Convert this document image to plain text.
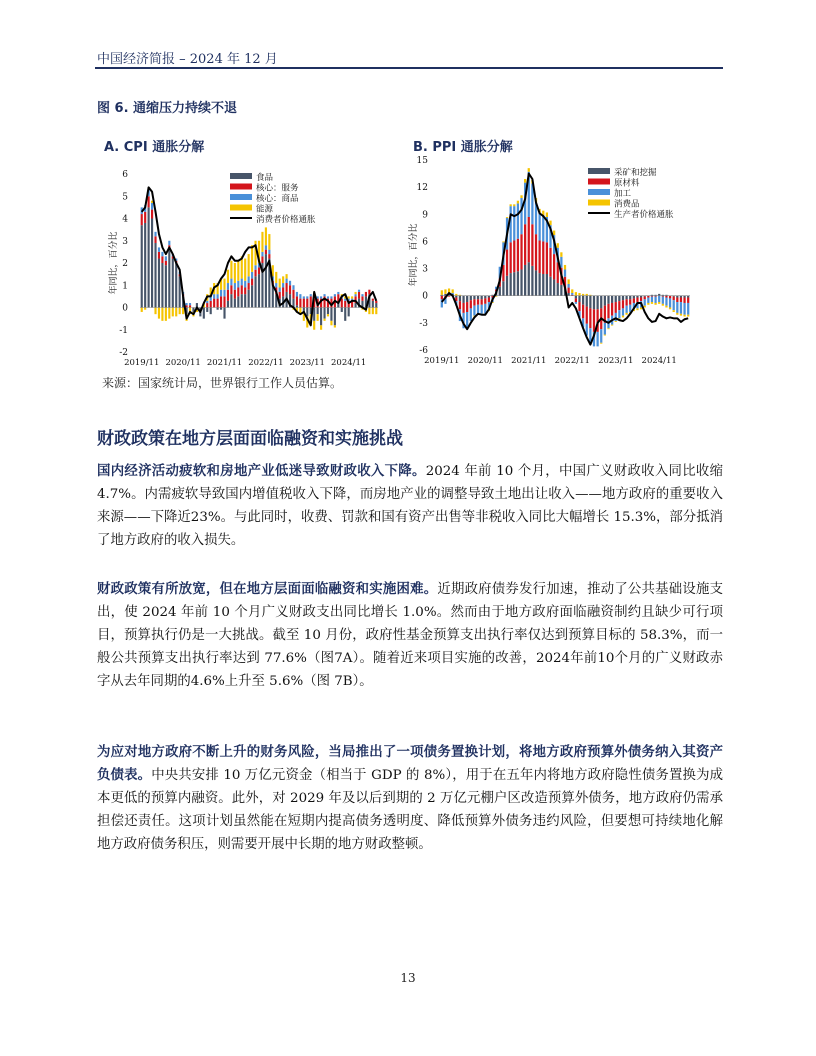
中国经济简报 – 2024 年 12 月
图 6. 通缩压力持续不退
A. CPI 通胀分解	B. PPI 通胀分解
-2
-1
0
1
2
3
4
5
6
年同比，百分比
2019/11 2020/11 2021/11 2022/11 2023/11 2024/11
食品
核心：服务
核心：商品
能源
消费者价格通胀
-6
-3
0
3
6
9
12
15
年同比，百分比
2019/11 2020/11 2021/11 2022/11 2023/11 2024/11
采矿和挖掘
原材料
加工
消费品
生产者价格通胀
来源：国家统计局，世界银行工作人员估算。
财政政策在地方层面面临融资和实施挑战

国内经济活动疲软和房地产业低迷导致财政收入下降。2024 年前 10 个月，中国广义财政收入同比收缩 4.7%。内需疲软导致国内增值税收入下降，而房地产业的调整导致土地出让收入——地方政府的重要收入来源——下降近23%。与此同时，收费、罚款和国有资产出售等非税收入同比大幅增长 15.3%，部分抵消了地方政府的收入损失。

财政政策有所放宽，但在地方层面面临融资和实施困难。近期政府债券发行加速，推动了公共基础设施支出，使 2024 年前 10 个月广义财政支出同比增长 1.0%。然而由于地方政府面临融资制约且缺少可行项目，预算执行仍是一大挑战。截至 10 月份，政府性基金预算支出执行率仅达到预算目标的 58.3%，而一般公共预算支出执行率达到 77.6%（图7A）。随着近来项目实施的改善，2024年前10个月的广义财政赤字从去年同期的4.6%上升至 5.6%（图 7B）。

为应对地方政府不断上升的财务风险，当局推出了一项债务置换计划，将地方政府预算外债务纳入其资产负债表。中央共安排 10 万亿元资金（相当于 GDP 的 8%），用于在五年内将地方政府隐性债务置换为成本更低的预算内融资。此外，对 2029 年及以后到期的 2 万亿元棚户区改造预算外债务，地方政府仍需承担偿还责任。这项计划虽然能在短期内提高债务透明度、降低预算外债务违约风险，但要想可持续地化解地方政府债务积压，则需要开展中长期的地方财政整顿。

13
